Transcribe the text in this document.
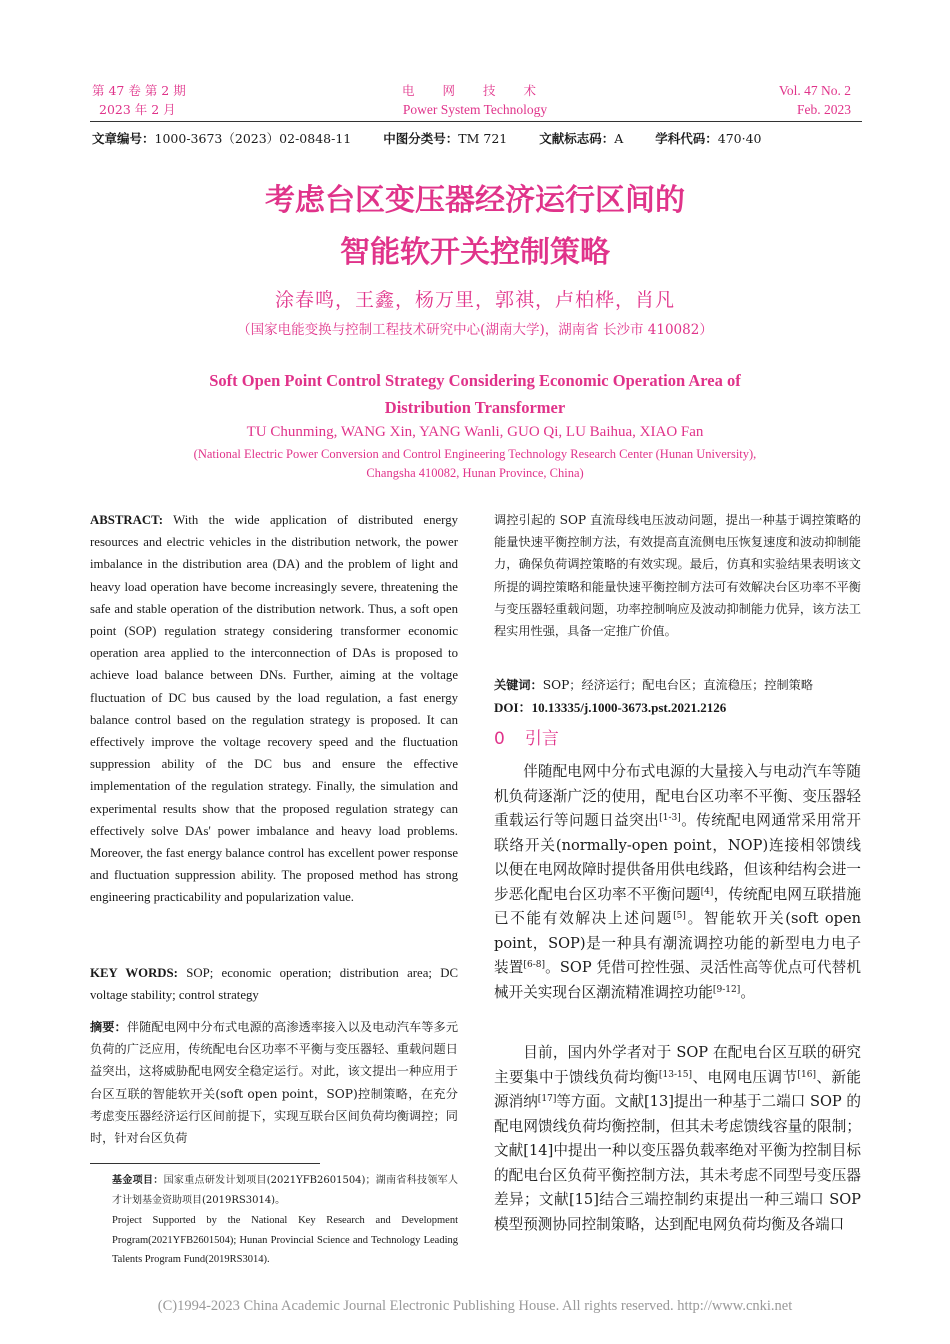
第 47 卷 第 2 期
2023 年 2 月
电 网 技 术
Power System Technology
Vol. 47 No. 2
Feb. 2023
文章编号：1000-3673（2023）02-0848-11	中图分类号：TM 721	文献标志码：A	学科代码：470·40
考虑台区变压器经济运行区间的
智能软开关控制策略
涂春鸣，王鑫，杨万里，郭祺，卢柏桦，肖凡
（国家电能变换与控制工程技术研究中心(湖南大学)，湖南省 长沙市 410082）
Soft Open Point Control Strategy Considering Economic Operation Area of
Distribution Transformer
TU Chunming, WANG Xin, YANG Wanli, GUO Qi, LU Baihua, XIAO Fan
(National Electric Power Conversion and Control Engineering Technology Research Center (Hunan University),
Changsha 410082, Hunan Province, China)

ABSTRACT: With the wide application of distributed energy resources and electric vehicles in the distribution network, the power imbalance in the distribution area (DA) and the problem of light and heavy load operation have become increasingly severe, threatening the safe and stable operation of the distribution network. Thus, a soft open point (SOP) regulation strategy considering transformer economic operation area applied to the interconnection of DAs is proposed to achieve load balance between DNs. Further, aiming at the voltage fluctuation of DC bus caused by the load regulation, a fast energy balance control based on the regulation strategy is proposed. It can effectively improve the voltage recovery speed and the fluctuation suppression ability of the DC bus and ensure the effective implementation of the regulation strategy. Finally, the simulation and experimental results show that the proposed regulation strategy can effectively solve DAs' power imbalance and heavy load problems. Moreover, the fast energy balance control has excellent power response and fluctuation suppression ability. The proposed method has strong engineering practicability and popularization value.

KEY WORDS: SOP; economic operation; distribution area; DC voltage stability; control strategy

摘要：伴随配电网中分布式电源的高渗透率接入以及电动汽车等多元负荷的广泛应用，传统配电台区功率不平衡与变压器轻、重载问题日益突出，这将威胁配电网安全稳定运行。对此，该文提出一种应用于台区互联的智能软开关(soft open point，SOP)控制策略，在充分考虑变压器经济运行区间前提下，实现互联台区间负荷均衡调控；同时，针对台区负荷

基金项目：国家重点研发计划项目(2021YFB2601504)；湖南省科技领军人才计划基金资助项目(2019RS3014)。

Project Supported by the National Key Research and Development Program(2021YFB2601504); Hunan Provincial Science and Technology Leading Talents Program Fund(2019RS3014).

调控引起的 SOP 直流母线电压波动问题，提出一种基于调控策略的能量快速平衡控制方法，有效提高直流侧电压恢复速度和波动抑制能力，确保负荷调控策略的有效实现。最后，仿真和实验结果表明该文所提的调控策略和能量快速平衡控制方法可有效解决台区功率不平衡与变压器轻重载问题，功率控制响应及波动抑制能力优异，该方法工程实用性强，具备一定推广价值。

关键词：SOP；经济运行；配电台区；直流稳压；控制策略

DOI：10.13335/j.1000-3673.pst.2021.2126
0 引言

伴随配电网中分布式电源的大量接入与电动汽车等随机负荷逐渐广泛的使用，配电台区功率不平衡、变压器轻重载运行等问题日益突出[1-3]。传统配电网通常采用常开联络开关(normally-open point，NOP)连接相邻馈线以便在电网故障时提供备用供电线路，但该种结构会进一步恶化配电台区功率不平衡问题[4]，传统配电网互联措施已不能有效解决上述问题[5]。智能软开关(soft open point，SOP)是一种具有潮流调控功能的新型电力电子装置[6-8]。SOP 凭借可控性强、灵活性高等优点可代替机械开关实现台区潮流精准调控功能[9-12]。

目前，国内外学者对于 SOP 在配电台区互联的研究主要集中于馈线负荷均衡[13-15]、电网电压调节[16]、新能源消纳[17]等方面。文献[13]提出一种基于二端口 SOP 的配电网馈线负荷均衡控制，但其未考虑馈线容量的限制；文献[14]中提出一种以变压器负载率绝对平衡为控制目标的配电台区负荷平衡控制方法，其未考虑不同型号变压器差异；文献[15]结合三端控制约束提出一种三端口 SOP 模型预测协同控制策略，达到配电网负荷均衡及各端口

(C)1994-2023 China Academic Journal Electronic Publishing House. All rights reserved. http://www.cnki.net
